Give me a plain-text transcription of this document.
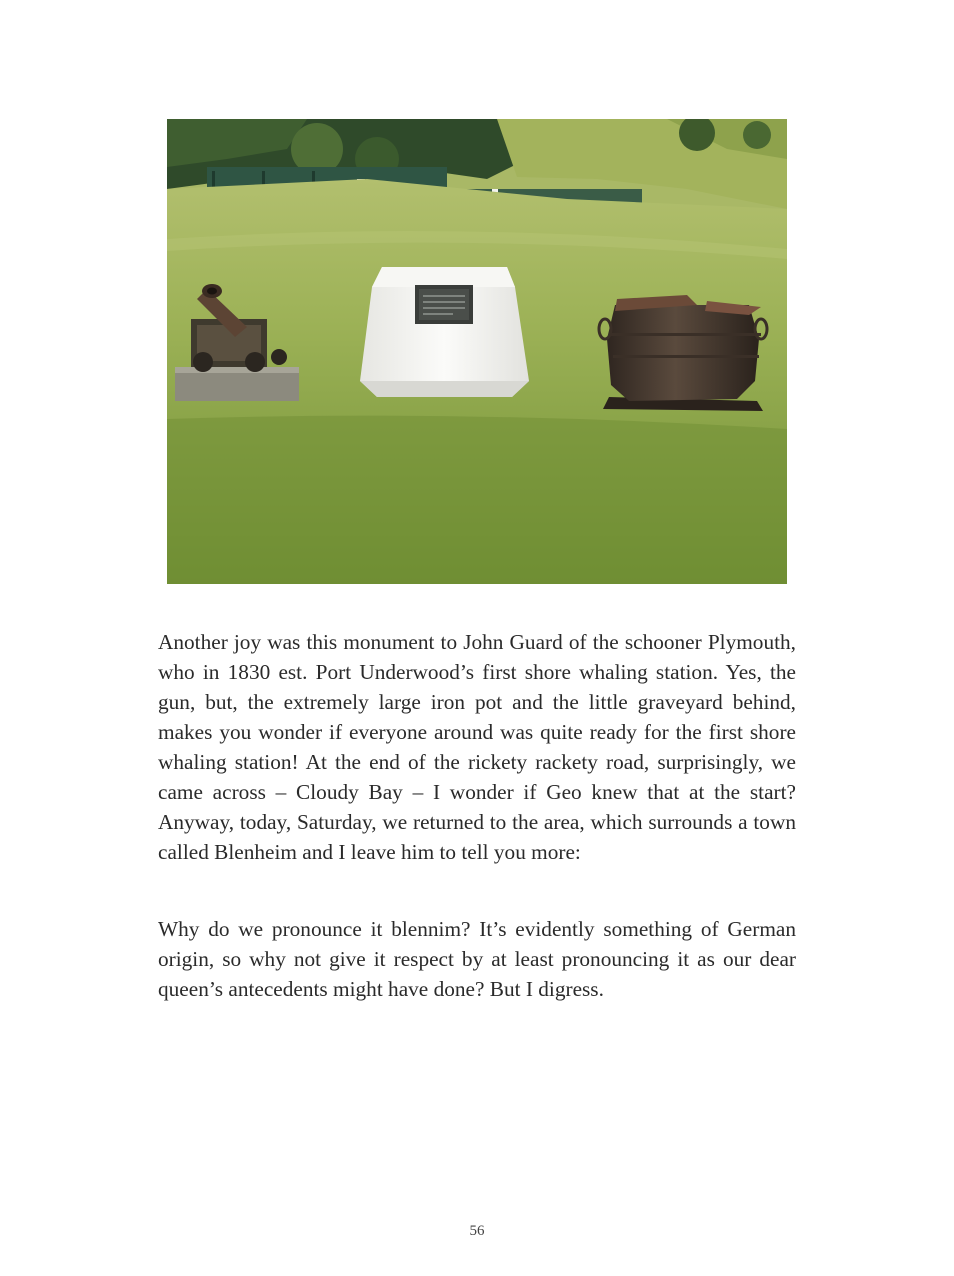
Another joy was this monument to John Guard of the schooner Plymouth, who in 1830 est. Port Underwood’s first shore whaling station. Yes, the gun, but, the extremely large iron pot and the little graveyard behind, makes you wonder if everyone around was quite ready for the first shore whaling station! At the end of the rickety rackety road, surprisingly, we came across – Cloudy Bay – I wonder if Geo knew that at the start? Anyway, today, Saturday, we returned to the area, which surrounds a town called Blenheim and I leave him to tell you more:

Why do we pronounce it blennim? It’s evidently something of German origin, so why not give it respect by at least pronouncing it as our dear queen’s antecedents might have done? But I digress.

56
